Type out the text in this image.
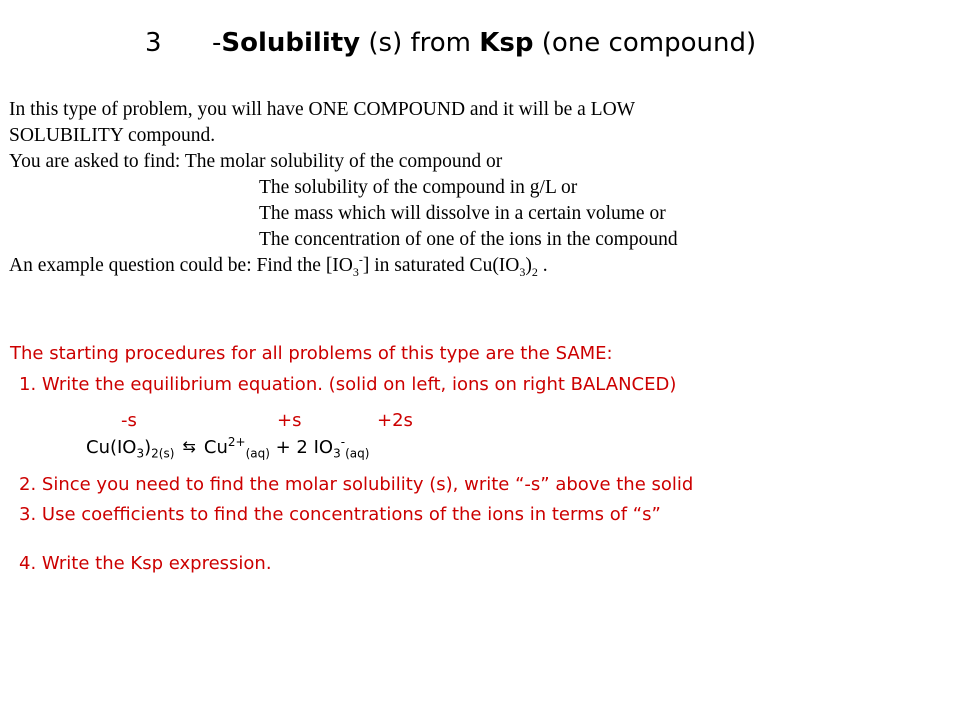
3 -Solubility (s) from Ksp (one compound)
In this type of problem, you will have ONE COMPOUND and it will be a LOW
SOLUBILITY compound.
You are asked to find: The molar solubility of the compound or
The solubility of the compound in g/L or
The mass which will dissolve in a certain volume or
The concentration of one of the ions in the compound
An example question could be: Find the $[IO_3^-]$ in saturated $Cu(IO_3)_2$ .
The starting procedures for all problems of this type are the SAME:
1. Write the equilibrium equation. (solid on left, ions on right BALANCED)
-s	+s	+2s
$Cu(IO_3)_{2(s)}$ ⇆ $Cu^{2+}_{(aq)} + 2$ $IO_3^-_{(aq)}$
2. Since you need to find the molar solubility (s), write “-s” above the solid
3. Use coefficients to find the concentrations of the ions in terms of “s”
4. Write the Ksp expression.
